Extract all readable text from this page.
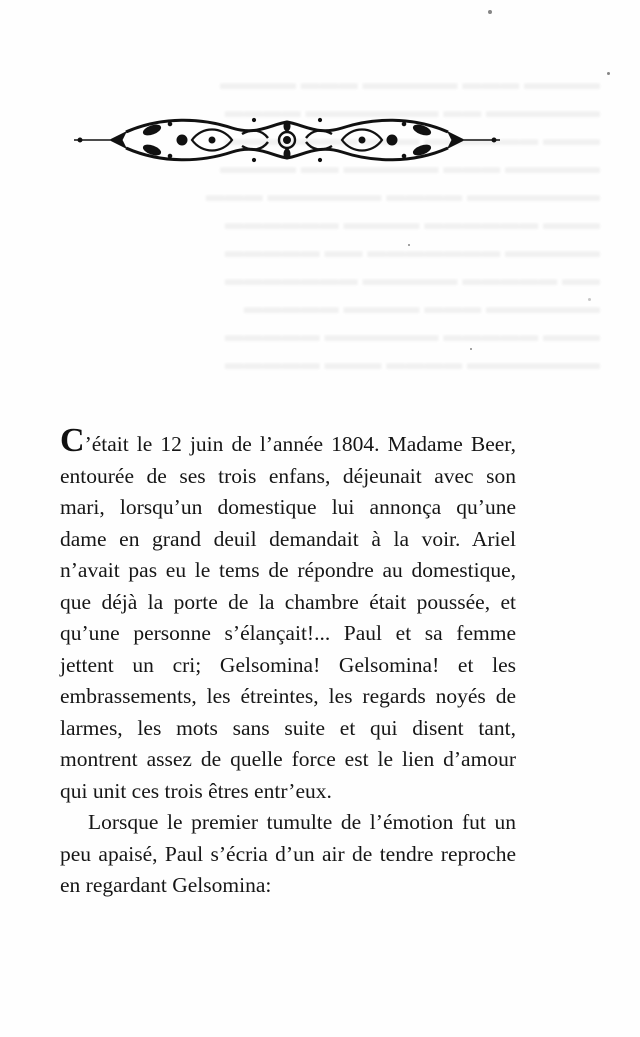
▬▬▬▬ ▬▬▬ ▬▬▬▬▬ ▬▬▬ ▬▬▬▬
▬▬▬▬▬▬ ▬▬ ▬▬▬▬▬▬▬ ▬▬▬▬
▬▬▬ ▬▬▬▬▬▬ ▬▬▬ ▬▬▬▬▬▬▬
▬▬▬▬▬ ▬▬▬ ▬▬▬▬▬ ▬▬ ▬▬▬▬
▬▬▬▬▬▬▬ ▬▬▬▬ ▬▬▬▬▬▬ ▬▬▬
▬▬▬ ▬▬▬▬▬▬ ▬▬▬▬ ▬▬▬▬▬▬
▬▬▬▬▬ ▬▬▬▬▬▬▬ ▬▬ ▬▬▬▬▬
▬▬ ▬▬▬▬▬ ▬▬▬▬▬ ▬▬▬▬▬▬▬
▬▬▬▬▬▬ ▬▬▬ ▬▬▬▬ ▬▬▬▬▬
▬▬▬ ▬▬▬▬▬ ▬▬▬▬▬▬ ▬▬▬▬▬
▬▬▬▬▬▬▬ ▬▬▬▬ ▬▬▬ ▬▬▬▬▬

C’était le 12 juin de l’année 1804. Madame Beer, entourée de ses trois enfans, déjeunait avec son mari, lorsqu’un domestique lui annonça qu’une dame en grand deuil demandait à la voir. Ariel n’avait pas eu le tems de répondre au domestique, que déjà la porte de la chambre était poussée, et qu’une personne s’élançait!... Paul et sa femme jettent un cri; Gelsomina! Gelsomina! et les embrassements, les étreintes, les regards noyés de larmes, les mots sans suite et qui disent tant, montrent assez de quelle force est le lien d’amour qui unit ces trois êtres entr’eux.

Lorsque le premier tumulte de l’émotion fut un peu apaisé, Paul s’écria d’un air de tendre reproche en regardant Gelsomina:
